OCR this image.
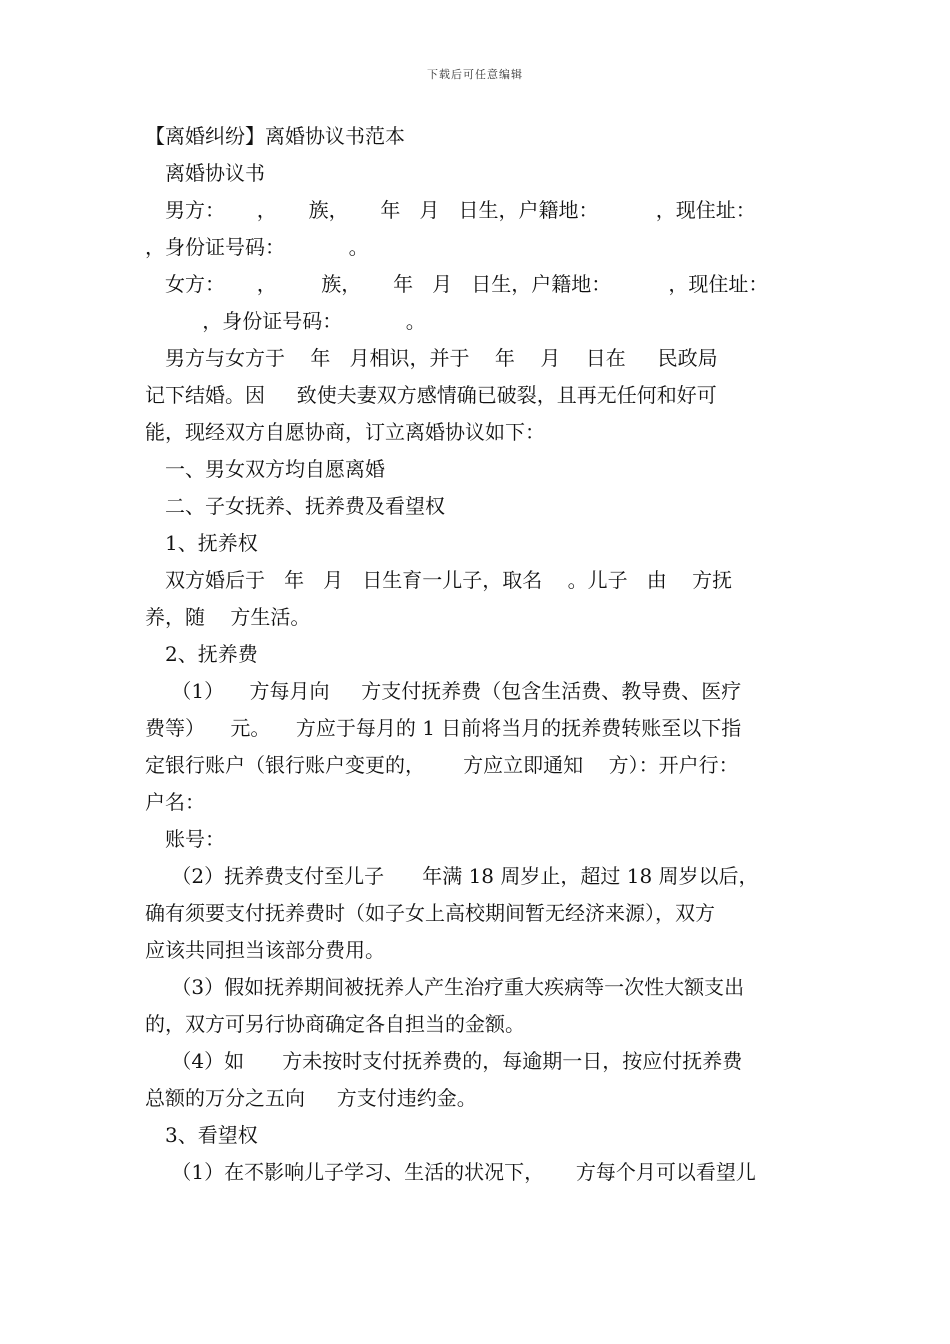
下载后可任意编辑
【离婚纠纷】离婚协议书范本
离婚协议书
男方：     ，     族，     年   月   日生，户籍地：         ，现住址：
，身份证号码：          。
女方：     ，       族，     年   月   日生，户籍地：         ，现住址：
，身份证号码：          。
男方与女方于    年   月相识，并于    年    月    日在     民政局
记下结婚。因     致使夫妻双方感情确已破裂，且再无任何和好可
能，现经双方自愿协商，订立离婚协议如下：
一、男女双方均自愿离婚
二、子女抚养、抚养费及看望权
1、抚养权
双方婚后于   年   月   日生育一儿子，取名    。儿子   由    方抚
养，随    方生活。
2、抚养费
（1）    方每月向     方支付抚养费（包含生活费、教导费、医疗
费等）    元。    方应于每月的 1 日前将当月的抚养费转账至以下指
定银行账户（银行账户变更的，      方应立即通知    方）：开户行：
户名：
账号：
（2）抚养费支付至儿子      年满 18 周岁止，超过 18 周岁以后，
确有须要支付抚养费时（如子女上高校期间暂无经济来源），双方
应该共同担当该部分费用。
（3）假如抚养期间被抚养人产生治疗重大疾病等一次性大额支出
的，双方可另行协商确定各自担当的金额。
（4）如      方未按时支付抚养费的，每逾期一日，按应付抚养费
总额的万分之五向     方支付违约金。
3、看望权
（1）在不影响儿子学习、生活的状况下，     方每个月可以看望儿
